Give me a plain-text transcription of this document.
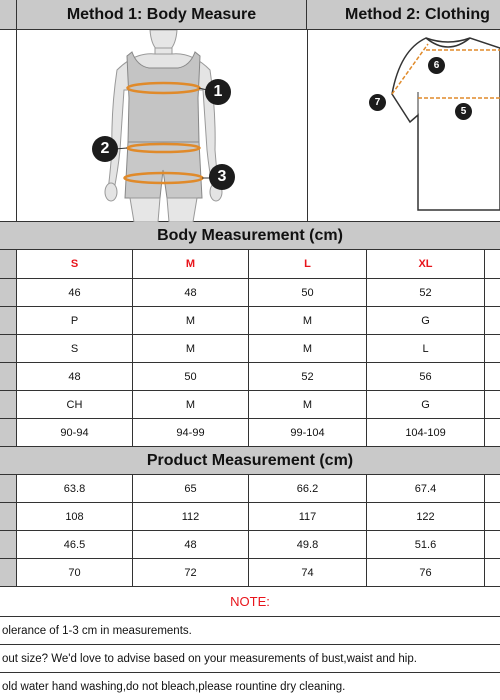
Method 1: Body Measure	Method 2: Clothing
1
2
3
6
7
5
Body Measurement (cm)
S	M	L	XL
46	48	50	52
P	M	M	G
S	M	M	L
48	50	52	56
CH	M	M	G
90-94	94-99	99-104	104-109
Product Measurement (cm)
63.8	65	66.2	67.4
108	112	117	122
46.5	48	49.8	51.6
70	72	74	76
NOTE:
olerance of 1-3 cm in measurements.
out size? We'd love to advise based on your measurements of bust,waist and hip.
old water hand washing,do not bleach,please rountine dry cleaning.
